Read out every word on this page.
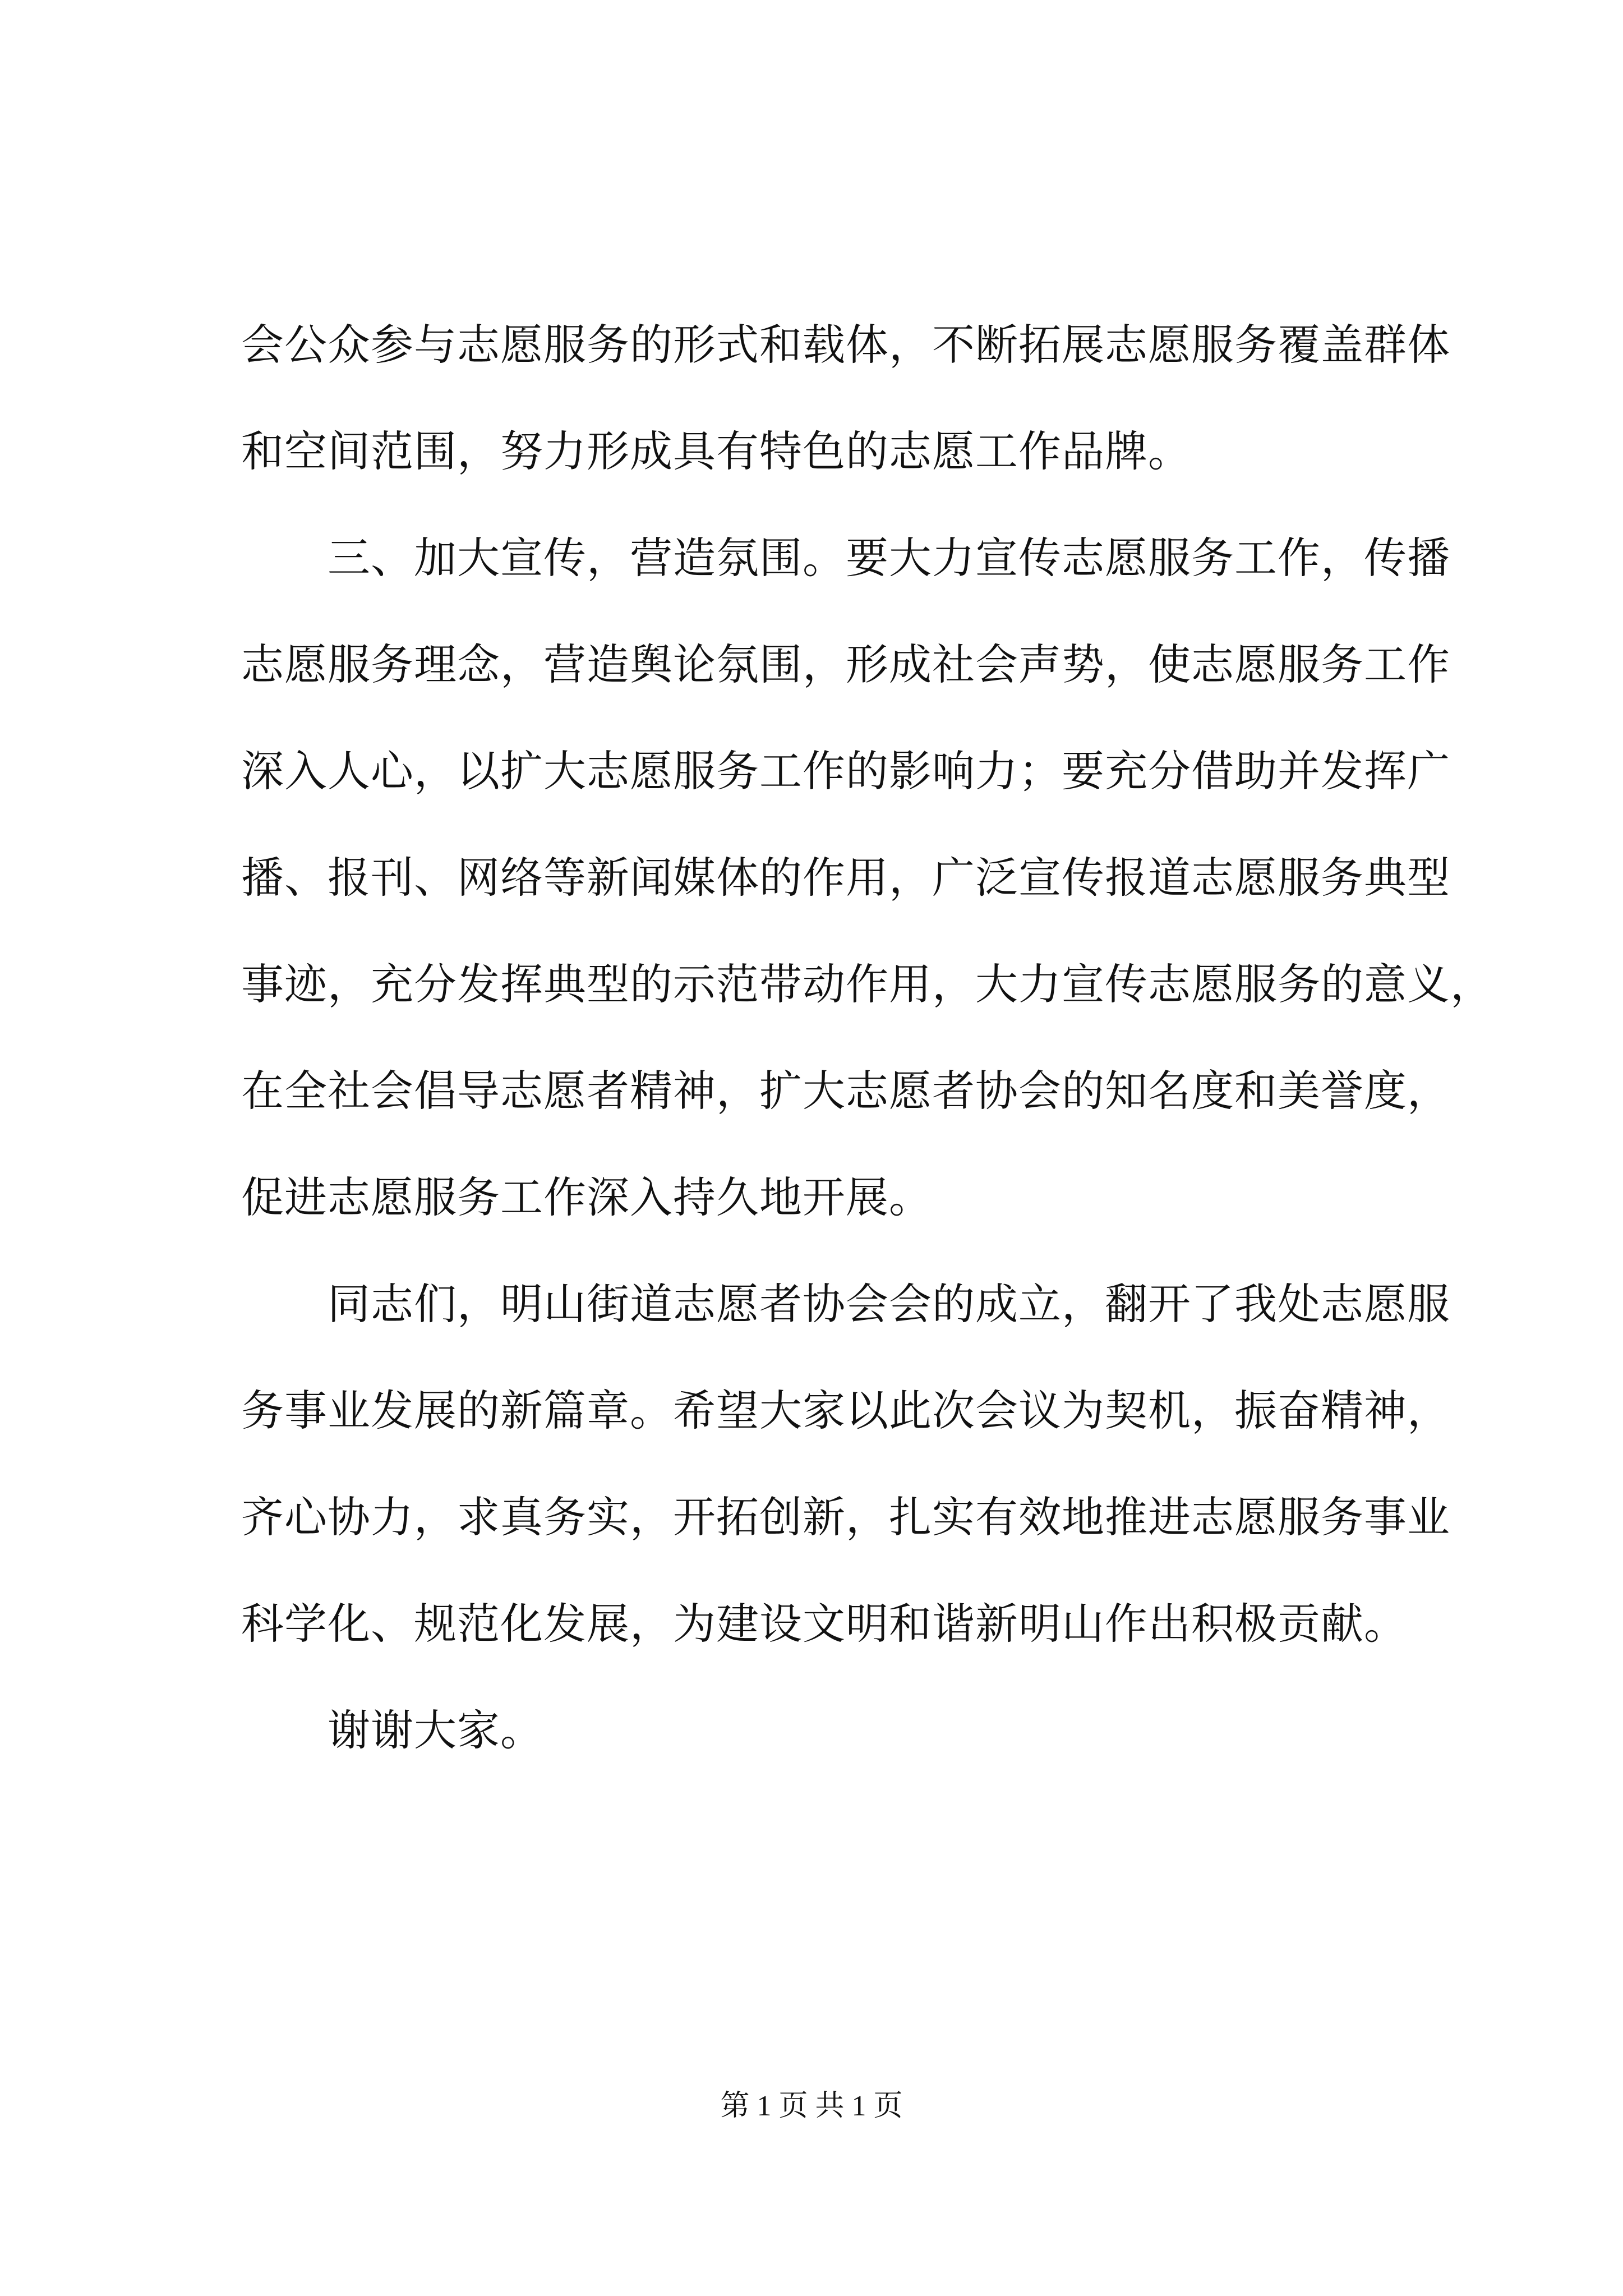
会公众参与志愿服务的形式和载体，不断拓展志愿服务覆盖群体
和空间范围，努力形成具有特色的志愿工作品牌。
三、加大宣传，营造氛围。要大力宣传志愿服务工作，传播
志愿服务理念，营造舆论氛围，形成社会声势，使志愿服务工作
深入人心，以扩大志愿服务工作的影响力；要充分借助并发挥广
播、报刊、网络等新闻媒体的作用，广泛宣传报道志愿服务典型
事迹，充分发挥典型的示范带动作用，大力宣传志愿服务的意义，
在全社会倡导志愿者精神，扩大志愿者协会的知名度和美誉度，
促进志愿服务工作深入持久地开展。
同志们，明山街道志愿者协会会的成立，翻开了我处志愿服
务事业发展的新篇章。希望大家以此次会议为契机，振奋精神，
齐心协力，求真务实，开拓创新，扎实有效地推进志愿服务事业
科学化、规范化发展，为建设文明和谐新明山作出积极贡献。
谢谢大家。
第 1 页 共 1 页
